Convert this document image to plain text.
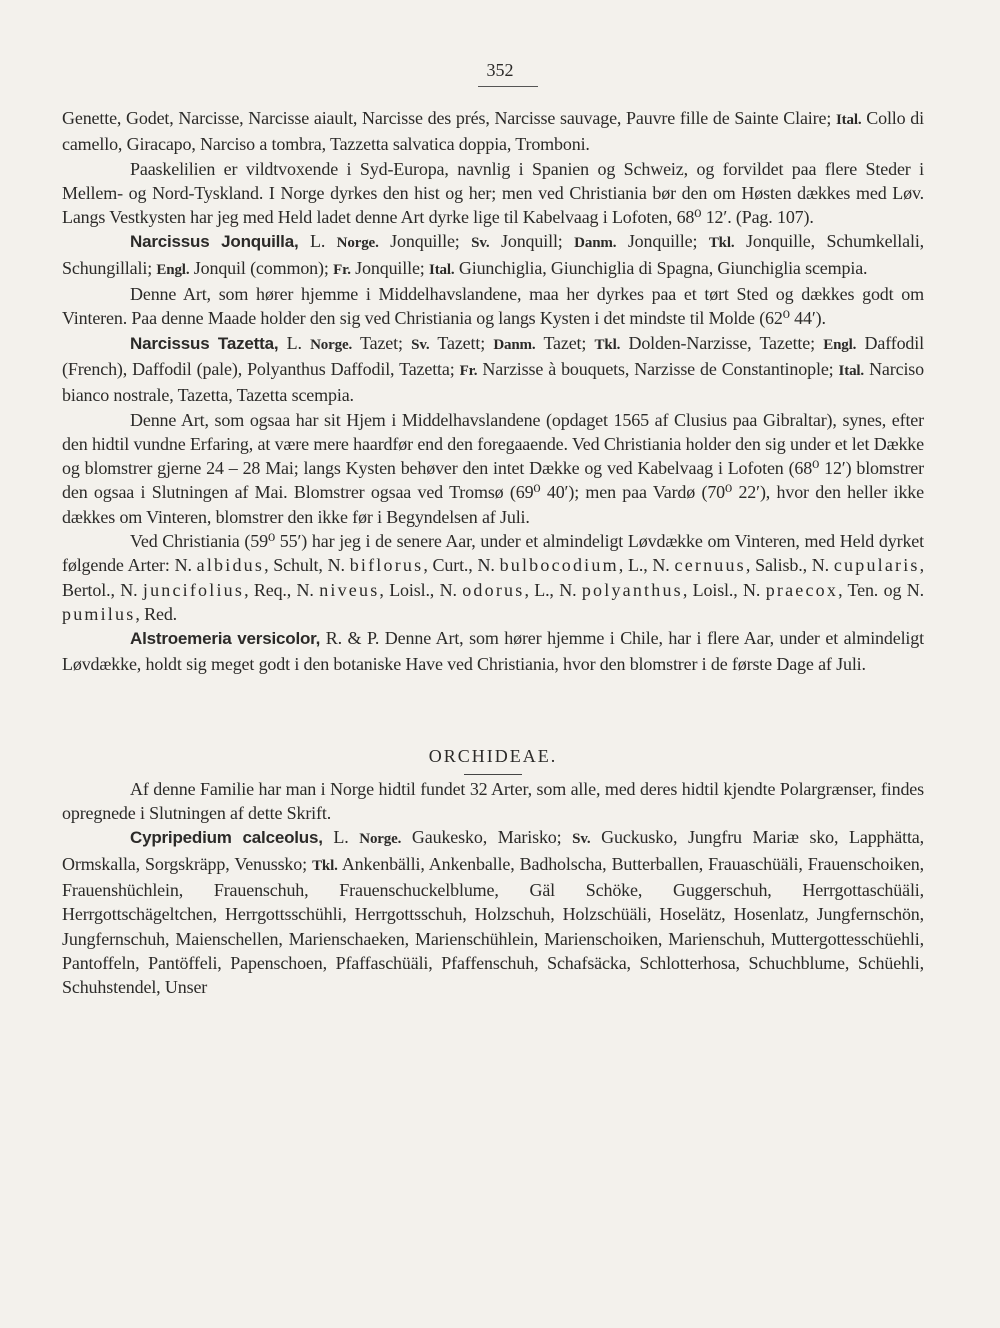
352

Genette, Godet, Narcisse, Narcisse aiault, Narcisse des prés, Narcisse sauvage, Pauvre fille de Sainte Claire; Ital. Collo di camello, Giracapo, Narciso a tombra, Tazzetta salvatica doppia, Tromboni.

Paaskelilien er vildtvoxende i Syd-Europa, navnlig i Spanien og Schweiz, og forvildet paa flere Steder i Mellem- og Nord-Tyskland. I Norge dyrkes den hist og her; men ved Christiania bør den om Høsten dækkes med Løv. Langs Vestkysten har jeg med Held ladet denne Art dyrke lige til Kabelvaag i Lofoten, 68⁰ 12′. (Pag. 107).

Narcissus Jonquilla, L. Norge. Jonquille; Sv. Jonquill; Danm. Jonquille; Tkl. Jonquille, Schumkellali, Schungillali; Engl. Jonquil (common); Fr. Jonquille; Ital. Giunchiglia, Giunchiglia di Spagna, Giunchiglia scempia.

Denne Art, som hører hjemme i Middelhavslandene, maa her dyrkes paa et tørt Sted og dækkes godt om Vinteren. Paa denne Maade holder den sig ved Christiania og langs Kysten i det mindste til Molde (62⁰ 44′).

Narcissus Tazetta, L. Norge. Tazet; Sv. Tazett; Danm. Tazet; Tkl. Dolden-Narzisse, Tazette; Engl. Daffodil (French), Daffodil (pale), Polyanthus Daffodil, Tazetta; Fr. Narzisse à bouquets, Narzisse de Constantinople; Ital. Narciso bianco nostrale, Tazetta, Tazetta scempia.

Denne Art, som ogsaa har sit Hjem i Middelhavslandene (opdaget 1565 af Clusius paa Gibraltar), synes, efter den hidtil vundne Erfaring, at være mere haardfør end den foregaaende. Ved Christiania holder den sig under et let Dække og blomstrer gjerne 24 – 28 Mai; langs Kysten behøver den intet Dække og ved Kabelvaag i Lofoten (68⁰ 12′) blomstrer den ogsaa i Slutningen af Mai. Blomstrer ogsaa ved Tromsø (69⁰ 40′); men paa Vardø (70⁰ 22′), hvor den heller ikke dækkes om Vinteren, blomstrer den ikke før i Begyndelsen af Juli.

Ved Christiania (59⁰ 55′) har jeg i de senere Aar, under et almindeligt Løvdække om Vinteren, med Held dyrket følgende Arter: N. albidus, Schult, N. biflorus, Curt., N. bulbocodium, L., N. cernuus, Salisb., N. cupularis, Bertol., N. juncifolius, Req., N. niveus, Loisl., N. odorus, L., N. polyanthus, Loisl., N. praecox, Ten. og N. pumilus, Red.

Alstroemeria versicolor, R. & P. Denne Art, som hører hjemme i Chile, har i flere Aar, under et almindeligt Løvdække, holdt sig meget godt i den botaniske Have ved Christiania, hvor den blomstrer i de første Dage af Juli.

ORCHIDEAE.

Af denne Familie har man i Norge hidtil fundet 32 Arter, som alle, med deres hidtil kjendte Polargrænser, findes opregnede i Slutningen af dette Skrift.

Cypripedium calceolus, L. Norge. Gaukesko, Marisko; Sv. Guckusko, Jungfru Mariæ sko, Lapphätta, Ormskalla, Sorgskräpp, Venussko; Tkl. Ankenbälli, Ankenballe, Badholscha, Butterballen, Frauaschüäli, Frauenschoiken, Frauenshüchlein, Frauenschuh, Frauenschuckelblume, Gäl Schöke, Guggerschuh, Herrgottaschüäli, Herrgottschägeltchen, Herrgottsschühli, Herrgottsschuh, Holzschuh, Holzschüäli, Hoselätz, Hosenlatz, Jungfernschön, Jungfernschuh, Maienschellen, Marienschaeken, Marienschühlein, Marienschoiken, Marienschuh, Muttergottesschüehli, Pantoffeln, Pantöffeli, Papenschoen, Pfaffaschüäli, Pfaffenschuh, Schafsäcka, Schlotterhosa, Schuchblume, Schüehli, Schuhstendel, Unser
